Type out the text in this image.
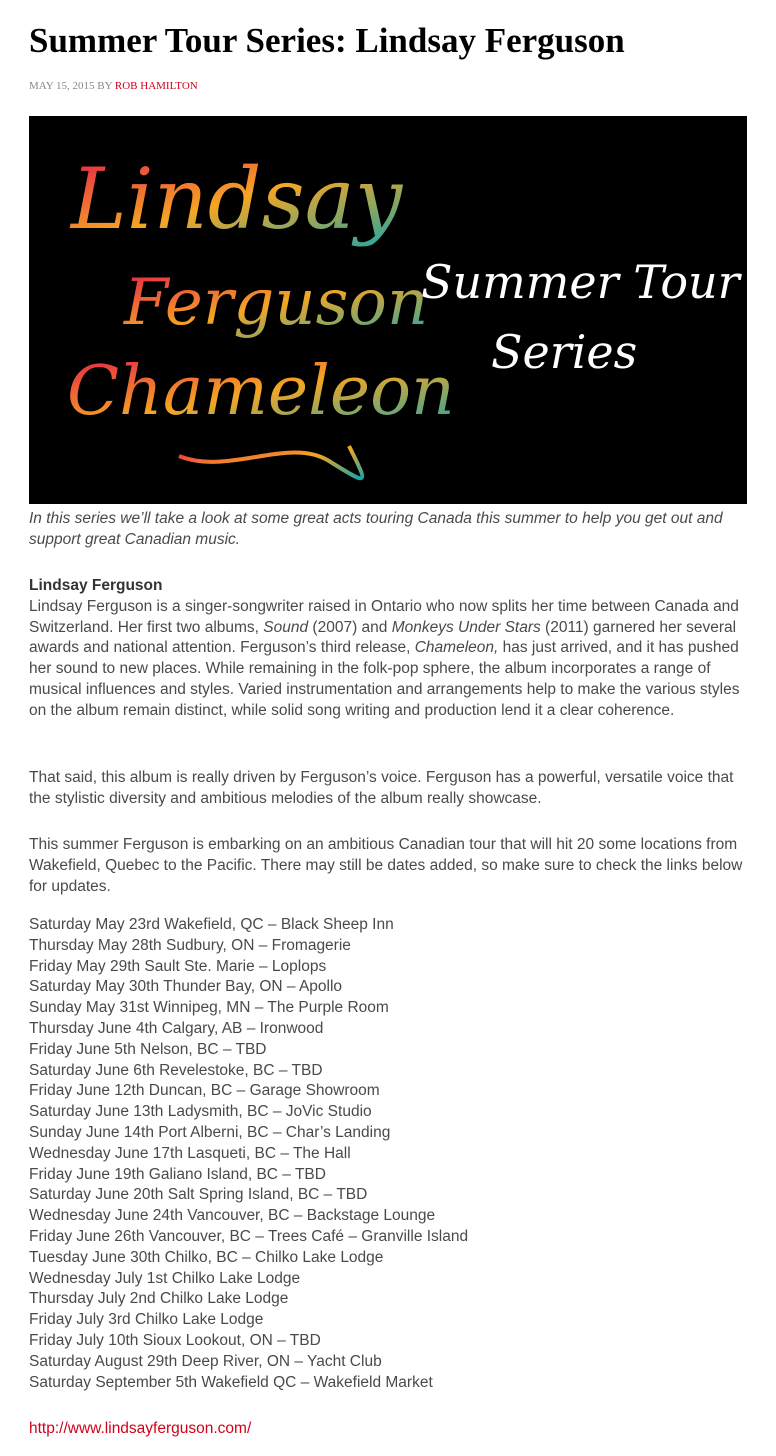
Summer Tour Series: Lindsay Ferguson
MAY 15, 2015 BY ROB HAMILTON
Lindsay
Ferguson
Chameleon
Summer Tour
Series
In this series we’ll take a look at some great acts touring Canada this summer to help you get out and support great Canadian music.
Lindsay Ferguson
Lindsay Ferguson is a singer-songwriter raised in Ontario who now splits her time between Canada and Switzerland. Her first two albums, Sound (2007) and Monkeys Under Stars (2011) garnered her several awards and national attention. Ferguson’s third release, Chameleon, has just arrived, and it has pushed her sound to new places. While remaining in the folk-pop sphere, the album incorporates a range of musical influences and styles. Varied instrumentation and arrangements help to make the various styles on the album remain distinct, while solid song writing and production lend it a clear coherence.
That said, this album is really driven by Ferguson’s voice. Ferguson has a powerful, versatile voice that the stylistic diversity and ambitious melodies of the album really showcase.
This summer Ferguson is embarking on an ambitious Canadian tour that will hit 20 some locations from Wakefield, Quebec to the Pacific. There may still be dates added, so make sure to check the links below for updates.
Saturday May 23rd Wakefield, QC – Black Sheep Inn
Thursday May 28th Sudbury, ON – Fromagerie
Friday May 29th Sault Ste. Marie – Loplops
Saturday May 30th Thunder Bay, ON – Apollo
Sunday May 31st Winnipeg, MN – The Purple Room
Thursday June 4th Calgary, AB – Ironwood
Friday June 5th Nelson, BC – TBD
Saturday June 6th Revelestoke, BC – TBD
Friday June 12th Duncan, BC – Garage Showroom
Saturday June 13th Ladysmith, BC – JoVic Studio
Sunday June 14th Port Alberni, BC – Char’s Landing
Wednesday June 17th Lasqueti, BC – The Hall
Friday June 19th Galiano Island, BC – TBD
Saturday June 20th Salt Spring Island, BC – TBD
Wednesday June 24th Vancouver, BC – Backstage Lounge
Friday June 26th Vancouver, BC – Trees Café – Granville Island
Tuesday June 30th Chilko, BC – Chilko Lake Lodge
Wednesday July 1st Chilko Lake Lodge
Thursday July 2nd Chilko Lake Lodge
Friday July 3rd Chilko Lake Lodge
Friday July 10th Sioux Lookout, ON – TBD
Saturday August 29th Deep River, ON – Yacht Club
Saturday September 5th Wakefield QC – Wakefield Market
http://www.lindsayferguson.com/
